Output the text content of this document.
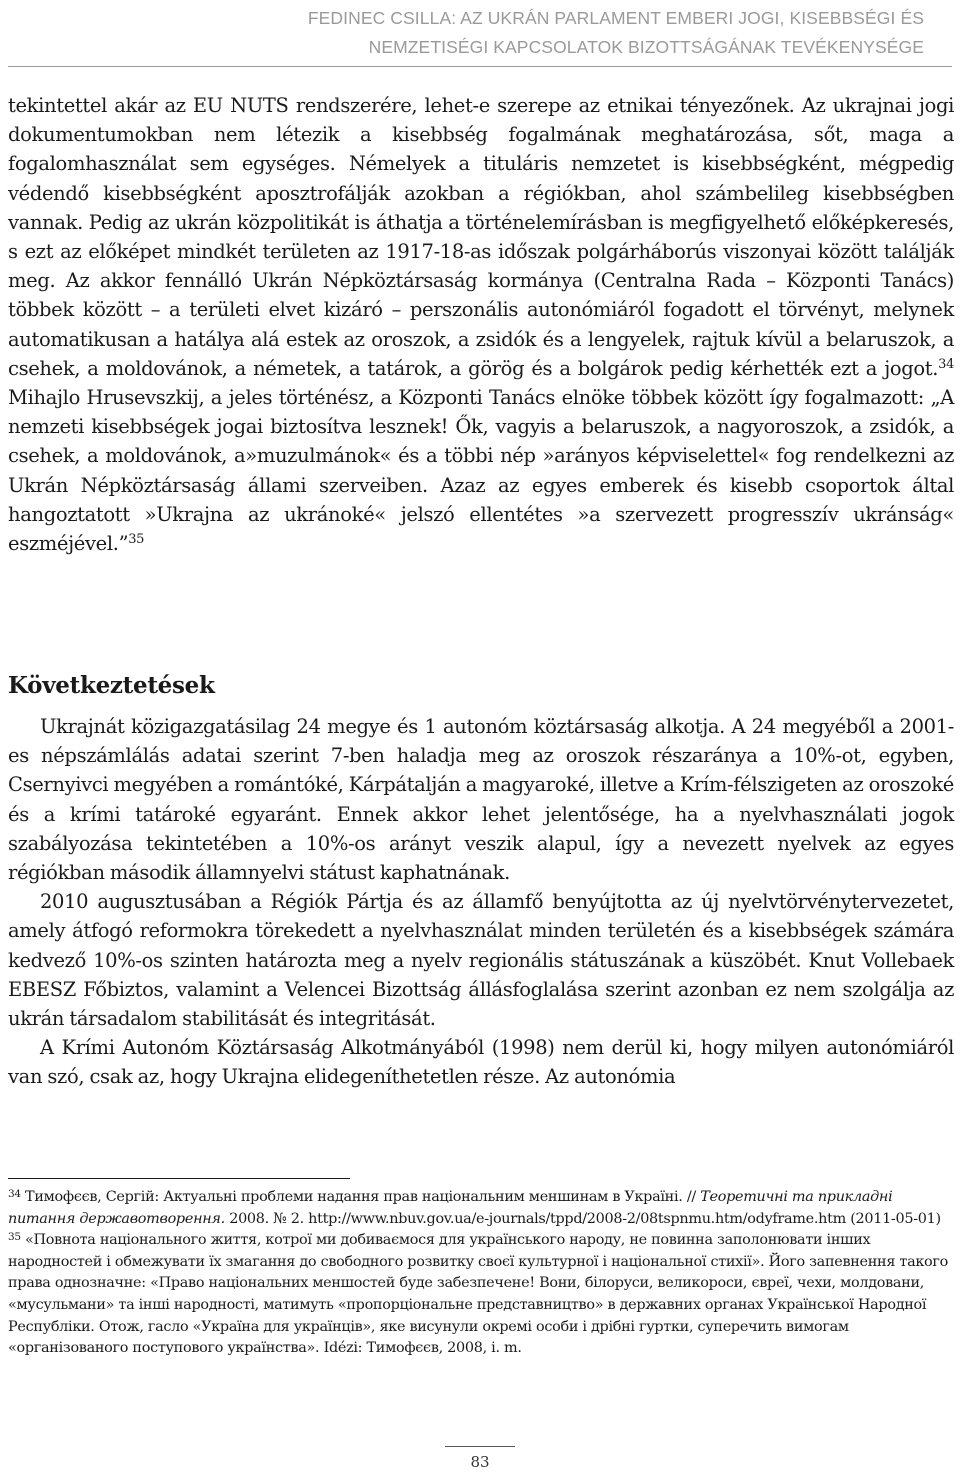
FEDINEC CSILLA: AZ UKRÁN PARLAMENT EMBERI JOGI, KISEBBSÉGI ÉS
NEMZETISÉGI KAPCSOLATOK BIZOTTSÁGÁNAK TEVÉKENYSÉGE

tekintettel akár az EU NUTS rendszerére, lehet-e szerepe az etnikai tényezőnek. Az ukrajnai jogi dokumentumokban nem létezik a kisebbség fogalmának meghatározása, sőt, maga a fogalomhasználat sem egységes. Némelyek a tituláris nemzetet is kisebbségként, mégpedig védendő kisebbségként aposztrofálják azokban a régiókban, ahol számbelileg kisebbségben vannak. Pedig az ukrán közpolitikát is áthatja a történelemírásban is megfigyelhető előképkeresés, s ezt az előképet mindkét területen az 1917-18-as időszak polgárháborús viszonyai között találják meg. Az akkor fennálló Ukrán Népköztársaság kormánya (Centralna Rada – Központi Tanács) többek között – a területi elvet kizáró – perszonális autonómiáról fogadott el törvényt, melynek automatikusan a hatálya alá estek az oroszok, a zsidók és a lengyelek, rajtuk kívül a belaruszok, a csehek, a moldovánok, a németek, a tatárok, a görög és a bolgárok pedig kérhették ezt a jogot.$^{34}$ Mihajlo Hrusevszkij, a jeles történész, a Központi Tanács elnöke többek között így fogalmazott: „A nemzeti kisebbségek jogai biztosítva lesznek! Ők, vagyis a belaruszok, a nagyoroszok, a zsidók, a csehek, a moldovánok, a»muzulmánok« és a többi nép »arányos képviselettel« fog rendelkezni az Ukrán Népköztársaság állami szerveiben. Azaz az egyes emberek és kisebb csoportok által hangoztatott »Ukrajna az ukránoké« jelszó ellentétes »a szervezett progresszív ukránság« eszméjével.”$^{35}$

Következtetések

Ukrajnát közigazgatásilag 24 megye és 1 autonóm köztársaság alkotja. A 24 megyéből a 2001-es népszámlálás adatai szerint 7-ben haladja meg az oroszok részaránya a 10%-ot, egyben, Csernyivci megyében a romántóké, Kárpátalján a magyaroké, illetve a Krím-félszigeten az oroszoké és a krími tatároké egyaránt. Ennek akkor lehet jelentősége, ha a nyelvhasználati jogok szabályozása tekintetében a 10%-os arányt veszik alapul, így a nevezett nyelvek az egyes régiókban második államnyelvi státust kaphatnának.

2010 augusztusában a Régiók Pártja és az államfő benyújtotta az új nyelvtörvénytervezetet, amely átfogó reformokra törekedett a nyelvhasználat minden területén és a kisebbségek számára kedvező 10%-os szinten határozta meg a nyelv regionális státuszának a küszöbét. Knut Vollebaek EBESZ Főbiztos, valamint a Velencei Bizottság állásfoglalása szerint azonban ez nem szolgálja az ukrán társadalom stabilitását és integritását.

A Krími Autonóm Köztársaság Alkotmányából (1998) nem derül ki, hogy milyen autonómiáról van szó, csak az, hogy Ukrajna elidegeníthetetlen része. Az autonómia

$^{34}$ Тимофєєв, Сергій: Актуальні проблеми надання прав національним меншинам в Україні. // Теоретичні та прикладні питання державотворення. 2008. № 2. http://www.nbuv.gov.ua/e-journals/tppd/2008-2/08tspnmu.htm/odyframe.htm (2011-05-01)

$^{35}$ «Повнота національного життя, котрої ми добиваємося для українського народу, не повинна заполонювати інших народностей і обмежувати їх змагання до свободного розвитку своєї культурної і національної стихії». Його запевнення такого права однозначне: «Право національних меншостей буде забезпечене! Вони, білоруси, великороси, євреї, чехи, молдовани, «мусульмани» та інші народності, матимуть «пропорціональне представництво» в державних органах Української Народної Республіки. Отож, гасло «Україна для українців», яке висунули окремі особи і дрібні гуртки, суперечить вимогам «організованого поступового українства». Idézi: Тимофєєв, 2008, і. m.

83
